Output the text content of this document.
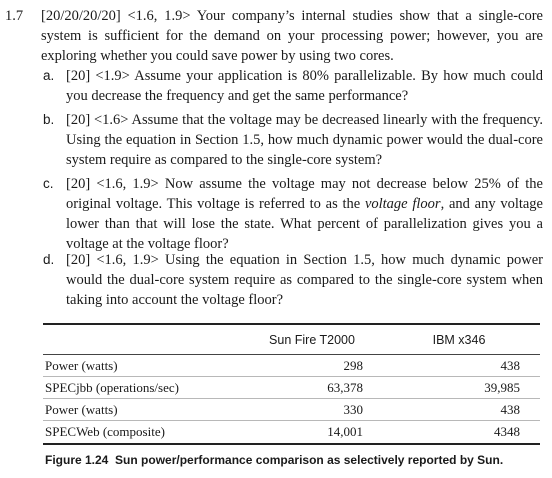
1.7 [20/20/20/20] <1.6, 1.9> Your company’s internal studies show that a single-core system is sufficient for the demand on your processing power; however, you are exploring whether you could save power by using two cores.
a. [20] <1.9> Assume your application is 80% parallelizable. By how much could you decrease the frequency and get the same performance?
b. [20] <1.6> Assume that the voltage may be decreased linearly with the frequency. Using the equation in Section 1.5, how much dynamic power would the dual-core system require as compared to the single-core system?
c. [20] <1.6, 1.9> Now assume the voltage may not decrease below 25% of the original voltage. This voltage is referred to as the voltage floor, and any voltage lower than that will lose the state. What percent of parallelization gives you a voltage at the voltage floor?
d. [20] <1.6, 1.9> Using the equation in Section 1.5, how much dynamic power would the dual-core system require as compared to the single-core system when taking into account the voltage floor?
Sun Fire T2000	IBM x346
Power (watts)	298	438
SPECjbb (operations/sec)	63,378	39,985
Power (watts)	330	438
SPECWeb (composite)	14,001	4348
Figure 1.24 Sun power/performance comparison as selectively reported by Sun.
